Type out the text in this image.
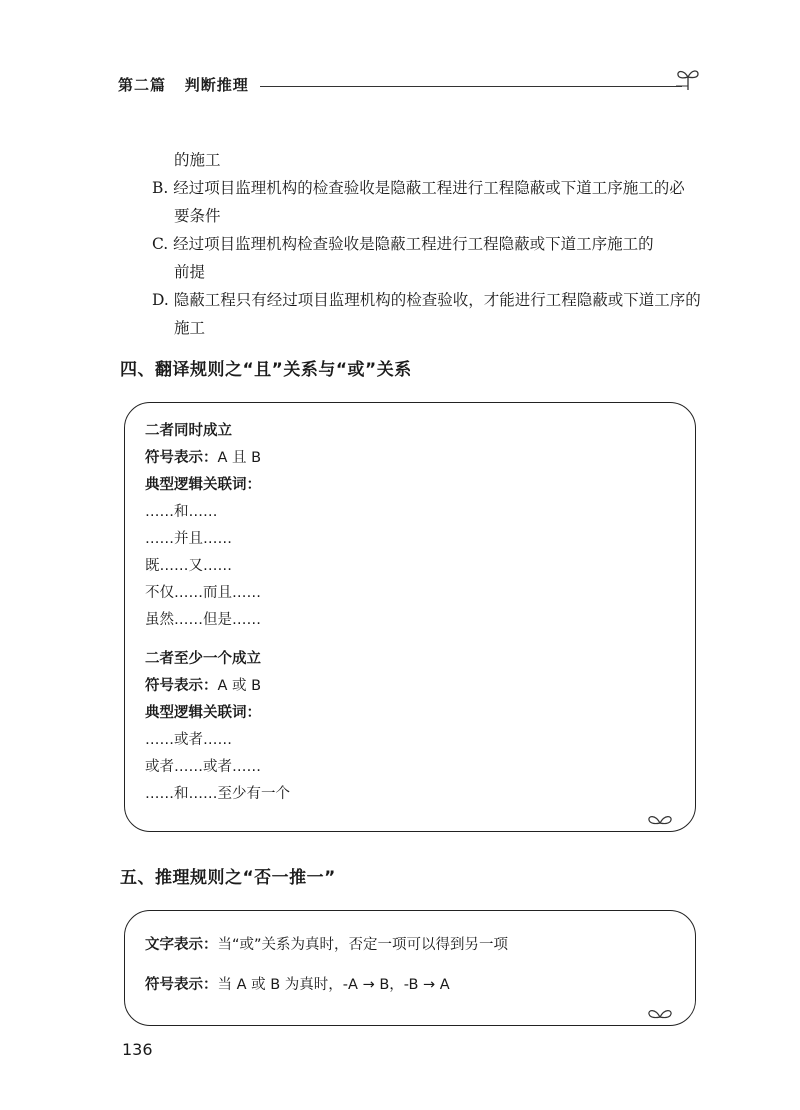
第二篇 判断推理
的施工
B. 经过项目监理机构的检查验收是隐蔽工程进行工程隐蔽或下道工序施工的必
要条件
C. 经过项目监理机构检查验收是隐蔽工程进行工程隐蔽或下道工序施工的
前提
D. 隐蔽工程只有经过项目监理机构的检查验收，才能进行工程隐蔽或下道工序的
施工
四、翻译规则之“且”关系与“或”关系
二者同时成立
符号表示：A 且 B
典型逻辑关联词：
……和……
……并且……
既……又……
不仅……而且……
虽然……但是……
二者至少一个成立
符号表示：A 或 B
典型逻辑关联词：
……或者……
或者……或者……
……和……至少有一个
五、推理规则之“否一推一”
文字表示：当“或”关系为真时，否定一项可以得到另一项
符号表示：当 A 或 B 为真时，-A → B，-B → A
136
